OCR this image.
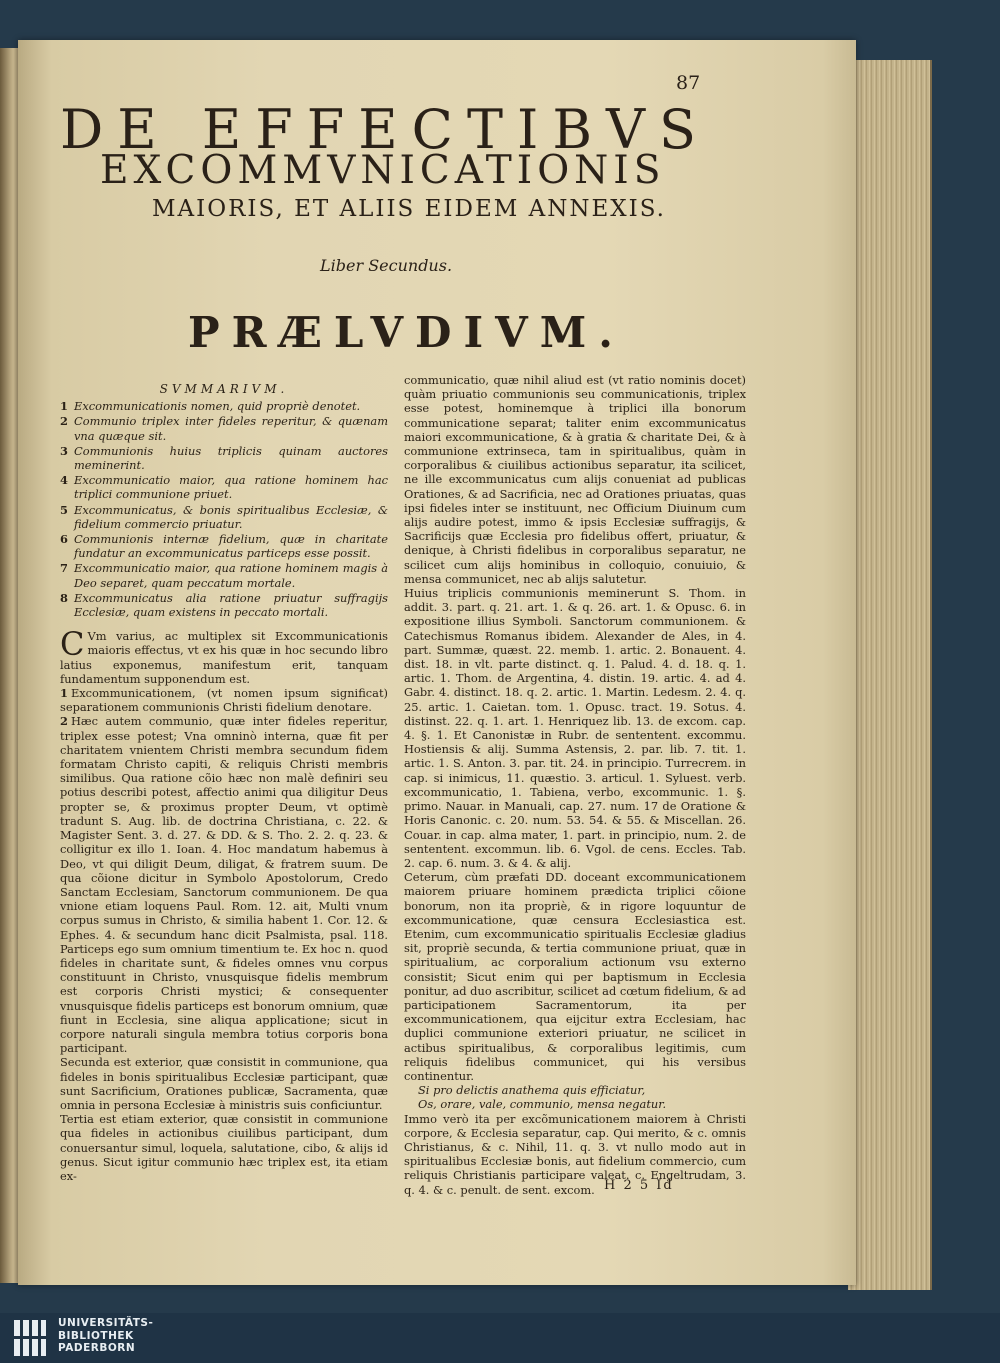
87
DE EFFECTIBVS
EXCOMMVNICATIONIS
MAIORIS, ET ALIIS EIDEM ANNEXIS.
Liber Secundus.
PRÆLVDIVM.
SVMMARIVM.
1 Excommunicationis nomen, quid propriè denotet.
2 Communio triplex inter fideles reperitur, & quænam vna quæque sit.
3 Communionis huius triplicis quinam auctores meminerint.
4 Excommunicatio maior, qua ratione hominem hac triplici communione priuet.
5 Excommunicatus, & bonis spiritualibus Ecclesiæ, & fidelium commercio priuatur.
6 Communionis internæ fidelium, quæ in charitate fundatur an excommunicatus particeps esse possit.
7 Excommunicatio maior, qua ratione hominem magis à Deo separet, quam peccatum mortale.
8 Excommunicatus alia ratione priuatur suffragijs Ecclesiæ, quam existens in peccato mortali.
C Vm varius, ac multiplex sit Excommunicationis maioris effectus, vt ex his quæ in hoc secundo libro latius exponemus, manifestum erit, tanquam fundamentum supponendum est.
1 Excommunicationem, (vt nomen ipsum significat) separationem communionis Christi fidelium denotare.
2 Hæc autem communio, quæ inter fideles reperitur, triplex esse potest; Vna omninò interna, quæ fit per charitatem vnientem Christi membra secundum fidem formatam Christo capiti, & reliquis Christi membris similibus. Qua ratione cõio hæc non malè definiri seu potius describi potest, affectio animi qua diligitur Deus propter se, & proximus propter Deum, vt optimè tradunt S. Aug. lib. de doctrina Christiana, c. 22. & Magister Sent. 3. d. 27. & DD. & S. Tho. 2. 2. q. 23. & colligitur ex illo 1. Ioan. 4. Hoc mandatum habemus à Deo, vt qui diligit Deum, diligat, & fratrem suum. De qua cõione dicitur in Symbolo Apostolorum, Credo Sanctam Ecclesiam, Sanctorum communionem. De qua vnione etiam loquens Paul. Rom. 12. ait, Multi vnum corpus sumus in Christo, & similia habent 1. Cor. 12. & Ephes. 4. & secundum hanc dicit Psalmista, psal. 118. Particeps ego sum omnium timentium te. Ex hoc n. quod fideles in charitate sunt, & fideles omnes vnu corpus constituunt in Christo, vnusquisque fidelis membrum est corporis Christi mystici; & consequenter vnusquisque fidelis particeps est bonorum omnium, quæ fiunt in Ecclesia, sine aliqua applicatione; sicut in corpore naturali singula membra totius corporis bona participant.
Secunda est exterior, quæ consistit in communione, qua fideles in bonis spiritualibus Ecclesiæ participant, quæ sunt Sacrificium, Orationes publicæ, Sacramenta, quæ omnia in persona Ecclesiæ à ministris suis conficiuntur.
Tertia est etiam exterior, quæ consistit in communione qua fideles in actionibus ciuilibus participant, dum conuersantur simul, loquela, salutatione, cibo, & alijs id genus. Sicut igitur communio hæc triplex est, ita etiam ex-
communicatio, quæ nihil aliud est (vt ratio nominis docet) quàm priuatio communionis seu communicationis, triplex esse potest, hominemque à triplici illa bonorum communicatione separat; taliter enim excommunicatus maiori excommunicatione, & à gratia & charitate Dei, & à communione extrinseca, tam in spiritualibus, quàm in corporalibus & ciuilibus actionibus separatur, ita scilicet, ne ille excommunicatus cum alijs conueniat ad publicas Orationes, & ad Sacrificia, nec ad Orationes priuatas, quas ipsi fideles inter se instituunt, nec Officium Diuinum cum alijs audire potest, immo & ipsis Ecclesiæ suffragijs, & Sacrificijs quæ Ecclesia pro fidelibus offert, priuatur, & denique, à Christi fidelibus in corporalibus separatur, ne scilicet cum alijs hominibus in colloquio, conuiuio, & mensa communicet, nec ab alijs salutetur.
Huius triplicis communionis meminerunt S. Thom. in addit. 3. part. q. 21. art. 1. & q. 26. art. 1. & Opusc. 6. in expositione illius Symboli. Sanctorum communionem. & Catechismus Romanus ibidem. Alexander de Ales, in 4. part. Summæ, quæst. 22. memb. 1. artic. 2. Bonauent. 4. dist. 18. in vlt. parte distinct. q. 1. Palud. 4. d. 18. q. 1. artic. 1. Thom. de Argentina, 4. distin. 19. artic. 4. ad 4. Gabr. 4. distinct. 18. q. 2. artic. 1. Martin. Ledesm. 2. 4. q. 25. artic. 1. Caietan. tom. 1. Opusc. tract. 19. Sotus. 4. distinst. 22. q. 1. art. 1. Henriquez lib. 13. de excom. cap. 4. §. 1. Et Canonistæ in Rubr. de sententent. excommu. Hostiensis & alij. Summa Astensis, 2. par. lib. 7. tit. 1. artic. 1. S. Anton. 3. par. tit. 24. in principio. Turrecrem. in cap. si inimicus, 11. quæstio. 3. articul. 1. Syluest. verb. excommunicatio, 1. Tabiena, verbo, excommunic. 1. §. primo. Nauar. in Manuali, cap. 27. num. 17 de Oratione & Horis Canonic. c. 20. num. 53. 54. & 55. & Miscellan. 26. Couar. in cap. alma mater, 1. part. in principio, num. 2. de sententent. excommun. lib. 6. Vgol. de cens. Eccles. Tab. 2. cap. 6. num. 3. & 4. & alij.
Ceterum, cùm præfati DD. doceant excommunicationem maiorem priuare hominem prædicta triplici cõione bonorum, non ita propriè, & in rigore loquuntur de excommunicatione, quæ censura Ecclesiastica est. Etenim, cum excommunicatio spiritualis Ecclesiæ gladius sit, propriè secunda, & tertia communione priuat, quæ in spiritualium, ac corporalium actionum vsu externo consistit; Sicut enim qui per baptismum in Ecclesia ponitur, ad duo ascribitur, scilicet ad cœtum fidelium, & ad participationem Sacramentorum, ita per excommunicationem, qua eijcitur extra Ecclesiam, hac duplici communione exteriori priuatur, ne scilicet in actibus spiritualibus, & corporalibus legitimis, cum reliquis fidelibus communicet, qui his versibus continentur.
Si pro delictis anathema quis efficiatur,
Os, orare, vale, communio, mensa negatur.
Immo verò ita per excõmunicationem maiorem à Christi corpore, & Ecclesia separatur, cap. Qui merito, & c. omnis Christianus, & c. Nihil, 11. q. 3. vt nullo modo aut in spiritualibus Ecclesiæ bonis, aut fidelium commercio, cum reliquis Christianis participare valeat. c. Engeltrudam, 3. q. 4. & c. penult. de sent. excom. H 2 5 Id
UNIVERSITÄTS-
BIBLIOTHEK
PADERBORN
